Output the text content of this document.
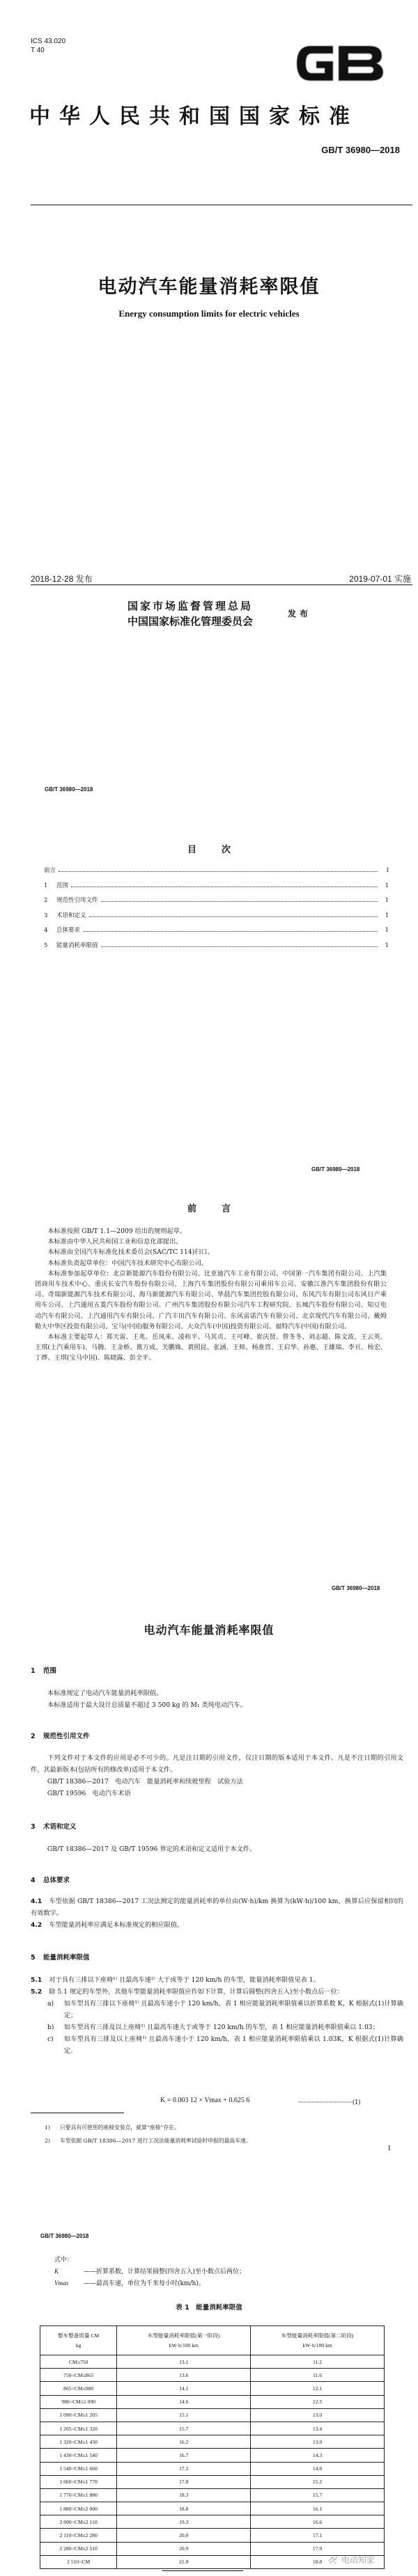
ICS 43.020
T 40
中华人民共和国国家标准
GB/T 36980—2018
电动汽车能量消耗率限值
Energy consumption limits for electric vehicles
2018-12-28 发布	2019-07-01 实施
国家市场监督管理总局
中国国家标准化管理委员会
发布
GB/T 36980—2018
目次
前言	Ⅰ
1	范围	1
2	规范性引用文件	1
3	术语和定义	1
4	总体要求	1
5	能量消耗率限值	1
GB/T 36980—2018
前言

本标准按照 GB/T 1.1—2009 给出的规则起草。

本标准由中华人民共和国工业和信息化部提出。

本标准由全国汽车标准化技术委员会(SAC/TC 114)归口。

本标准负责起草单位：中国汽车技术研究中心有限公司。

本标准参加起草单位：北京新能源汽车股份有限公司、比亚迪汽车工业有限公司、中国第一汽车集团有限公司、上汽集团商用车技术中心、重庆长安汽车股份有限公司、上海汽车集团股份有限公司乘用车公司、安徽江淮汽车集团股份有限公司、奇瑞新能源汽车技术有限公司、海马新能源汽车有限公司、华晨汽车集团控股有限公司、东风汽车有限公司东风日产乘用车公司、上汽通用五菱汽车股份有限公司、广州汽车集团股份有限公司汽车工程研究院、长城汽车股份有限公司、知豆电动汽车有限公司、上汽通用汽车有限公司、广汽丰田汽车有限公司、东风雷诺汽车有限公司、北京现代汽车有限公司、戴姆勒大中华区投资有限公司、宝马(中国)服务有限公司、大众汽车(中国)投资有限公司、福特汽车(中国)有限公司。

本标准主要起草人：郑天雷、王兆、岳凤来、凌和平、马其贞、王可峰、崔庆贤、曾冬冬、刘志超、陈文波、王云英、王琪(上汽乘用车)、马腾、王金桥、谯万成、关鹏姝、黄照昆、张涵、王师、杨准营、王启华、孙惠、王雄瑞、李亘、杨宏、丁烨、王琪(宝马中国)、陈晓露、彭全平。

GB/T 36980—2018
电动汽车能量消耗率限值
1 范围
本标准规定了电动汽车能量消耗率限值。
本标准适用于最大设计总质量不超过 3 500 kg 的 M₁ 类纯电动汽车。
2 规范性引用文件
下列文件对于本文件的应用是必不可少的。凡是注日期的引用文件，仅注日期的版本适用于本文件。凡是不注日期的引用文件，其最新版本(包括所有的修改单)适用于本文件。
GB/T 18386—2017　电动汽车　能量消耗率和续驶里程　试验方法
GB/T 19596　电动汽车术语
3 术语和定义
GB/T 18386—2017 及 GB/T 19596 界定的术语和定义适用于本文件。
4 总体要求
4.1 车型依据 GB/T 18386—2017 工况法测定的能量消耗率的单位由(W·h)/km 换算为(kW·h)/100 km，换算后应保留相同的有效数字。
4.2 车型能量消耗率应满足本标准规定的相应限值。
5 能量消耗率限值
5.1 对于具有三排以下座椅¹⁾ 且最高车速²⁾ 大于或等于 120 km/h 的车型，能量消耗率限值见表 1。
5.2 除 5.1 规定的车型外，其他车型能量消耗率限值应作如下计算，计算后圆整(四舍五入)至小数点后一位：
a)	如车型具有三排以下座椅¹⁾ 且最高车速小于 120 km/h，表 1 相应能量消耗率限值乘以折算系数 K，K 根据式(1)计算确定；
b)	如车型具有三排及以上座椅¹⁾ 且最高车速大于或等于 120 km/h 的车型，表 1 相应能量消耗率限值乘以 1.03；
c)	如车型具有三排及以上座椅¹⁾ 且最高车速小于 120 km/h，表 1 相应能量消耗率限值乘以 1.03K，K 根据式(1)计算确定。
K = 0.003 12 × Vmax + 0.625 6	·································(1)
1) 只要具有可使用的座椅安装点，就算“座椅”存在。
2) 车型依据 GB/T 18386—2017 进行工况法能量消耗率试验时申报的最高车速。
1
GB/T 36980—2018
式中：
K	——折算系数，计算结果圆整(四舍五入)至小数点后两位；
Vmax ——最高车速，单位为千米每小时(km/h)。
表 1　能量消耗率限值
整车整备质量 CM
kg

车型能量消耗率限值(第一阶段)
kW·h/100 km

车型能量消耗率限值(第二阶段)
kW·h/100 km

CM≤750	13.1	11.2
750<CM≤865	13.6	11.6
865<CM≤980	14.1	12.1
980<CM≤1 090	14.6	12.5
1 090<CM≤1 205	15.1	13.0
1 205<CM≤1 320	15.7	13.4
1 320<CM≤1 430	16.2	13.9
1 430<CM≤1 540	16.7	14.3
1 540<CM≤1 660	17.2	14.8
1 660<CM≤1 770	17.8	15.2
1 770<CM≤1 880	18.3	15.7
1 880<CM≤2 000	18.8	16.1
2 000<CM≤2 110	19.3	16.6
2 110<CM≤2 280	20.0	17.1
2 280<CM≤2 510	20.9	17.9
2 510<CM	21.9	18.8 电动知家
